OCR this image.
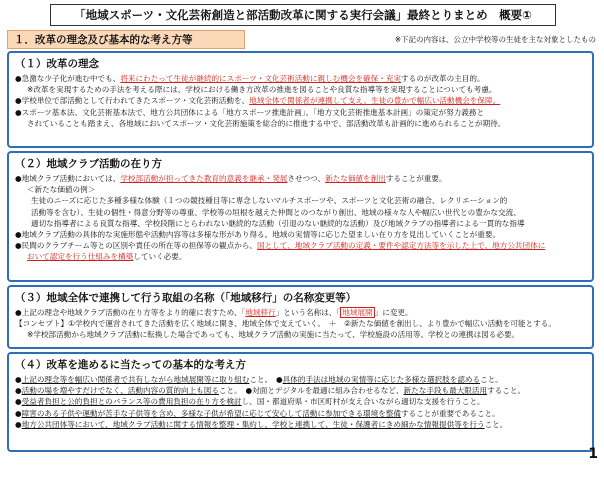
「地域スポーツ・文化芸術創造と部活動改革に関する実行会議」最終とりまとめ　概要①
１．改革の理念及び基本的な考え方等	※下記の内容は、公立中学校等の生徒を主な対象としたもの
（１）改革の理念
●急激な少子化が進む中でも、将来にわたって生徒が継続的にスポーツ・文化芸術活動に親しむ機会を確保・充実するのが改革の主目的。
※改革を実現するための手法を考える際には、学校における働き方改革の推進を図ることや良質な指導等を実現することについても考慮。
●学校単位で部活動として行われてきたスポーツ・文化芸術活動を、地域全体で関係者が連携して支え、生徒の豊かで幅広い活動機会を保障。
●スポーツ基本法、文化芸術基本法で、地方公共団体による「地方スポーツ推進計画」、「地方文化芸術推進基本計画」の策定が努力義務と
されていることも踏まえ、各地域においてスポーツ・文化芸術施策を総合的に推進する中で、部活動改革も計画的に進められることが期待。
（２）地域クラブ活動の在り方
●地域クラブ活動においては、学校部活動が担ってきた教育的意義を継承・発展させつつ、新たな価値を創出することが重要。
＜新たな価値の例＞
生徒のニーズに応じた多種多様な体験（１つの競技種目等に専念しないマルチスポーツや、スポーツと文化芸術の融合、レクリエーション的
活動等を含む）、生徒の個性・得意分野等の尊重、学校等の垣根を越えた仲間とのつながり創出、地域の様々な人や幅広い世代との豊かな交流、
適切な指導者による良質な指導、学校段階にとらわれない継続的な活動（引退のない継続的な活動）及び地域クラブの指導者による一貫的な指導
●地域クラブ活動の具体的な実施形態や活動内容等は多様な形があり得る。地域の実情等に応じた望ましい在り方を見出していくことが重要。
●民間のクラブチーム等との区別や責任の所在等の担保等の観点から、国として、地域クラブ活動の定義・要件や認定方法等を示した上で、地方公共団体に
おいて認定を行う仕組みを構築していく必要。
（３）地域全体で連携して行う取組の名称（「地域移行」の名称変更等）
●上記の理念や地域クラブ活動の在り方等をより的確に表すため、「地域移行」という名称は、「 地域展開 」に変更。
【コンセプト】①学校内で運営されてきた活動を広く地域に開き、地域全体で支えていく。　＋　②新たな価値を創出し、より豊かで幅広い活動を可能とする。
※学校部活動から地域クラブ活動に転換した場合であっても、地域クラブ活動の実施に当たって、学校施設の活用等、学校との連携は図る必要。
（４）改革を進めるに当たっての基本的な考え方
●上記の理念等を幅広い関係者で共有しながら地域展開等に取り組むこと。　 ●具体的手法は地域の実情等に応じた多様な選択肢を認めること。
●活動の場を増やすだけでなく、活動内容の質的向上も図ること。　 ●対面とデジタルを最適に組み合わせるなど、新たな手段も最大限活用すること。
●受益者負担と公的負担とのバランス等の費用負担の在り方を検討し、国・都道府県・市区町村が支え合いながら適切な支援を行うこと。
●障害のある子供や運動が苦手な子供等を含め、多様な子供が希望に応じて安心して活動に参加できる環境を整備することが重要であること。
●地方公共団体等において、地域クラブ活動に関する情報を整理・集約し、学校と連携して、生徒・保護者にきめ細かな情報提供等を行うこと。
1
